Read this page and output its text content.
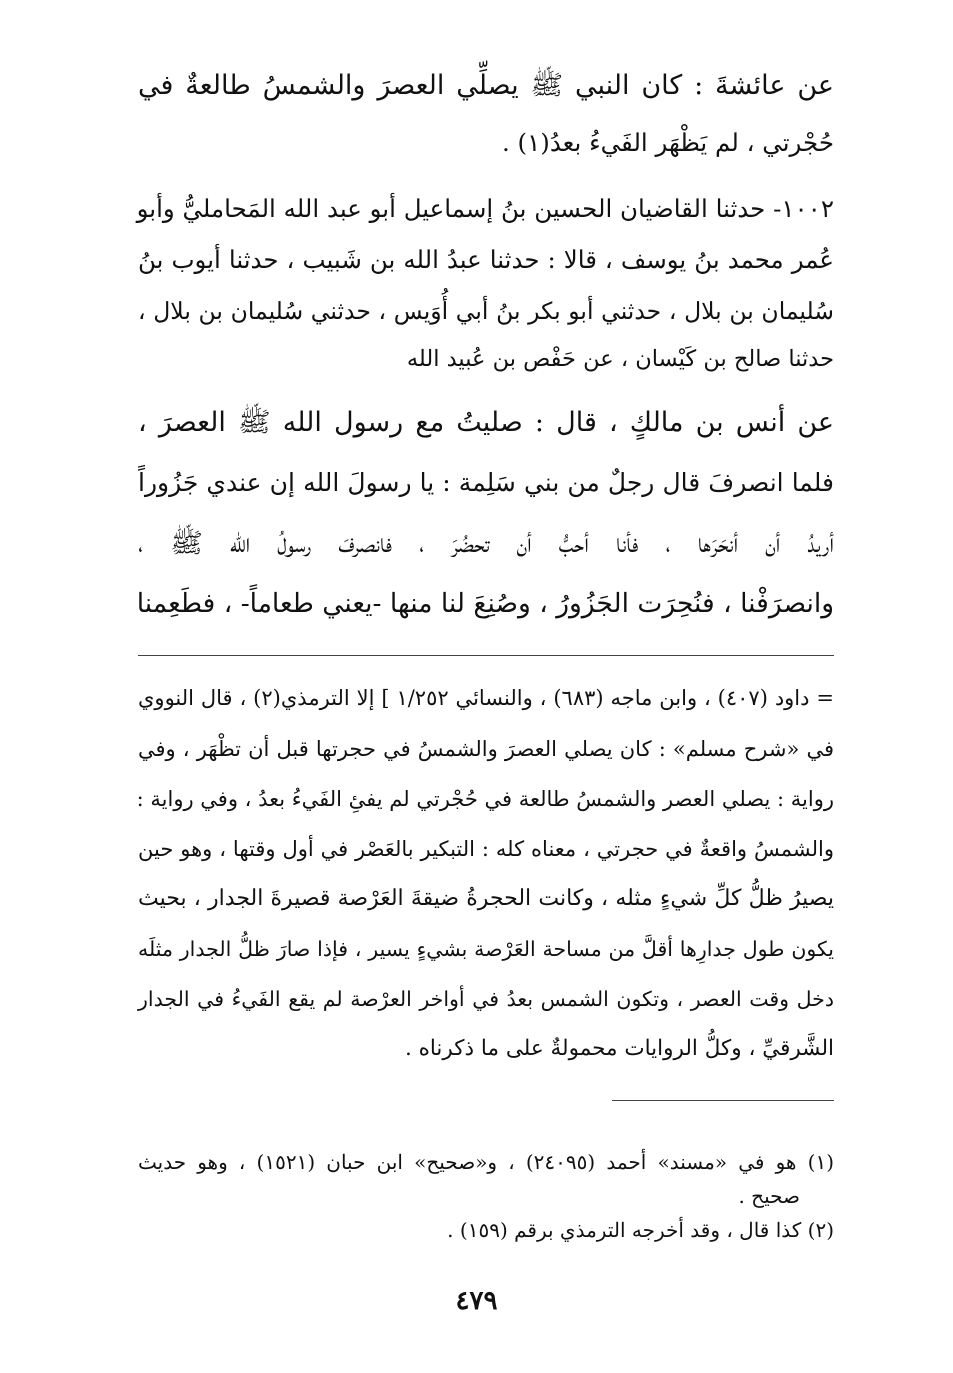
عن عائشةَ : كان النبي ﷺ يصلِّي العصرَ والشمسُ طالعةٌ في
حُجْرتي ، لم يَظْهَر الفَيءُ بعدُ(١) .
١٠٠٢- حدثنا القاضيان الحسين بنُ إسماعيل أبو عبد الله المَحامليُّ وأبو
عُمر محمد بنُ يوسف ، قالا : حدثنا عبدُ الله بن شَبيب ، حدثنا أيوب بنُ
سُليمان بن بلال ، حدثني أبو بكر بنُ أبي أُوَيس ، حدثني سُليمان بن بلال ،
حدثنا صالح بن كَيْسان ، عن حَفْص بن عُبيد الله
عن أنس بن مالكٍ ، قال : صليتُ مع رسول الله ﷺ العصرَ ،
فلما انصرفَ قال رجلٌ من بني سَلِمة : يا رسولَ الله إن عندي جَزُوراً
أريدُ أن أنحَرَها ، فأنا أحبُّ أن تحضُرَ ، فانصرفَ رسولُ الله ﷺ ،
وانصرَفْنا ، فنُحِرَت الجَزُورُ ، وصُنِعَ لنا منها -يعني طعاماً- ، فطَعِمنا
= داود (٤٠٧) ، وابن ماجه (٦٨٣) ، والنسائي ١/٢٥٢ ] إلا الترمذي(٢) ، قال النووي
في «شرح مسلم» : كان يصلي العصرَ والشمسُ في حجرتها قبل أن تظْهَر ، وفي
رواية : يصلي العصر والشمسُ طالعة في حُجْرتي لم يفئِ الفَيءُ بعدُ ، وفي رواية :
والشمسُ واقعةٌ في حجرتي ، معناه كله : التبكير بالعَصْر في أول وقتها ، وهو حين
يصيرُ ظلُّ كلِّ شيءٍ مثله ، وكانت الحجرةُ ضيقةَ العَرْصة قصيرةَ الجدار ، بحيث
يكون طول جدارِها أقلَّ من مساحة العَرْصة بشيءٍ يسير ، فإذا صارَ ظلُّ الجدار مثلَه
دخل وقت العصر ، وتكون الشمس بعدُ في أواخر العرْصة لم يقع الفَيءُ في الجدار
الشَّرقيِّ ، وكلُّ الروايات محمولةٌ على ما ذكرناه .
(١) هو في «مسند» أحمد (٢٤٠٩٥) ، و«صحيح» ابن حبان (١٥٢١) ، وهو حديث
صحيح .
(٢) كذا قال ، وقد أخرجه الترمذي برقم (١٥٩) .
٤٧٩
